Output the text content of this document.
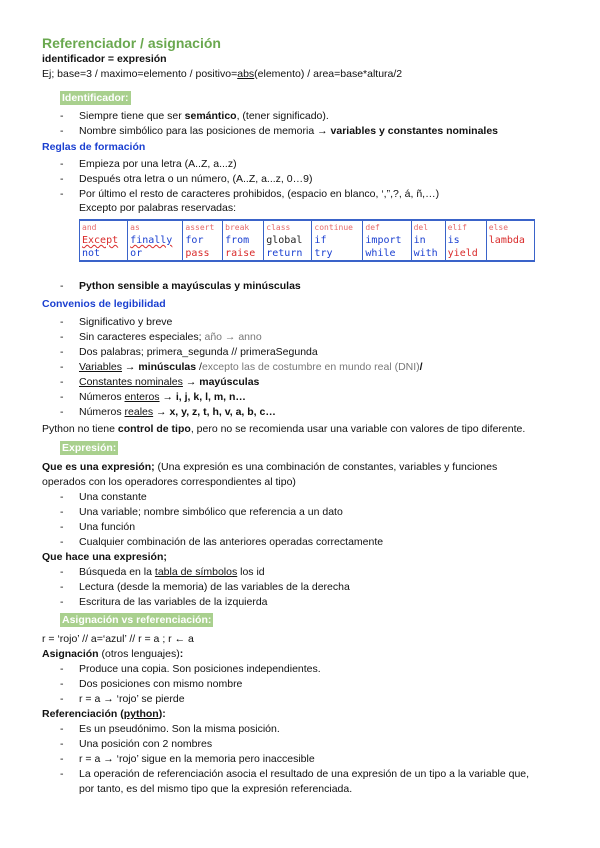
Referenciador / asignación
identificador = expresión
Ej; base=3 / maximo=elemento / positivo=abs(elemento) / area=base*altura/2
Identificador:
- Siempre tiene que ser semántico, (tener significado).
- Nombre simbólico para las posiciones de memoria → variables y constantes nominales
Reglas de formación
- Empieza por una letra (A..Z, a...z)
- Después otra letra o un número, (A..Z, a...z, 0…9)
- Por último el resto de caracteres prohibidos, (espacio en blanco, ‘,”,?, á, ñ,…)
Excepto por palabras reservadas:
and	as	assert	break	class	continue	def	del	elif	else
Except	finally	for	from	global	if	import	in	is	lambda
not	or	pass	raise	return	try	while	with	yield	
- Python sensible a mayúsculas y minúsculas
Convenios de legibilidad
- Significativo y breve
- Sin caracteres especiales; año → anno
- Dos palabras; primera_segunda // primeraSegunda
- Variables → minúsculas /excepto las de costumbre en mundo real (DNI)/
- Constantes nominales → mayúsculas
- Números enteros → i, j, k, l, m, n…
- Números reales → x, y, z, t, h, v, a, b, c…
Python no tiene control de tipo, pero no se recomienda usar una variable con valores de tipo diferente.
Expresión:
Que es una expresión; (Una expresión es una combinación de constantes, variables y funciones
operados con los operadores correspondientes al tipo)
- Una constante
- Una variable; nombre simbólico que referencia a un dato
- Una función
- Cualquier combinación de las anteriores operadas correctamente
Que hace una expresión;
- Búsqueda en la tabla de símbolos los id
- Lectura (desde la memoria) de las variables de la derecha
- Escritura de las variables de la izquierda
Asignación vs referenciación:
r = ‘rojo’ // a=‘azul’ // r = a ; r ← a
Asignación (otros lenguajes):
- Produce una copia. Son posiciones independientes.
- Dos posiciones con mismo nombre
- r = a → ‘rojo’ se pierde
Referenciación (python):
- Es un pseudónimo. Son la misma posición.
- Una posición con 2 nombres
- r = a → ‘rojo’ sigue en la memoria pero inaccesible
- La operación de referenciación asocia el resultado de una expresión de un tipo a la variable que,
por tanto, es del mismo tipo que la expresión referenciada.
